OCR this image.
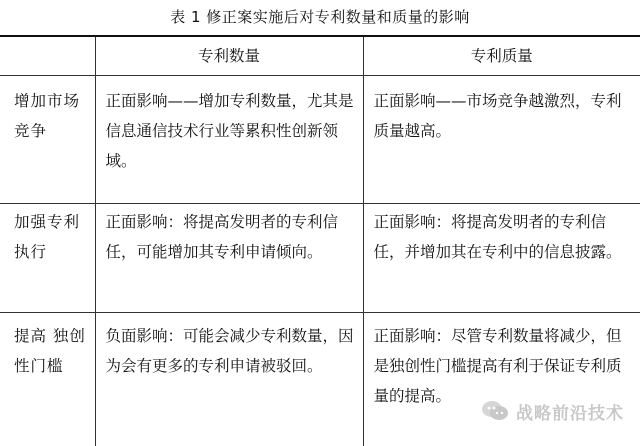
表 1 修正案实施后对专利数量和质量的影响
	专利数量	专利质量

增加市场竞争	正面影响——增加专利数量，尤其是信息通信技术行业等累积性创新领域。	正面影响——市场竞争越激烈，专利质量越高。

加强专利执行	正面影响：将提高发明者的专利信任，可能增加其专利申请倾向。	正面影响：将提高发明者的专利信任，并增加其在专利中的信息披露。

提高 独创性门槛	负面影响：可能会减少专利数量，因为会有更多的专利申请被驳回。	正面影响：尽管专利数量将减少，但是独创性门槛提高有利于保证专利质量的提高。
战略前沿技术
